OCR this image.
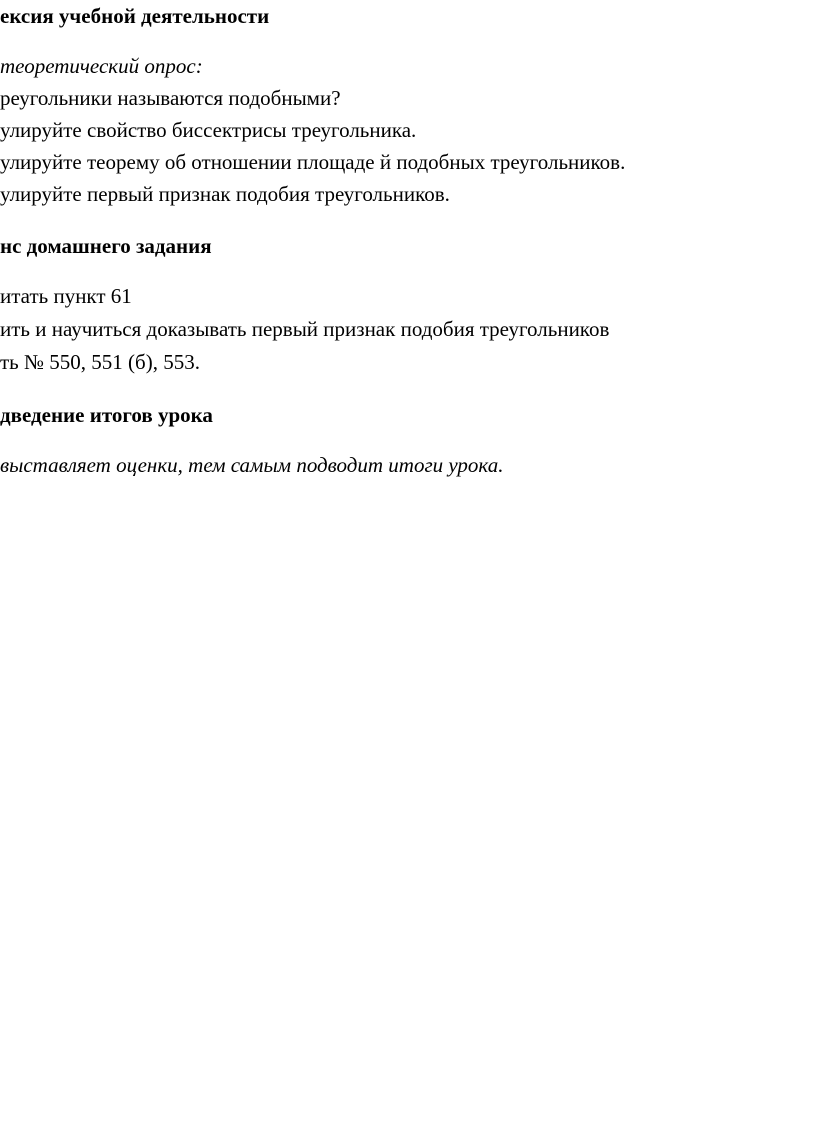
ексия учебной деятельности
теоретический опрос:
реугольники называются подобными?
улируйте свойство биссектрисы треугольника.
улируйте теорему об отношении площаде й подобных треугольников.
улируйте первый признак подобия треугольников.
нс домашнего задания
итать пункт 61
ить и научиться доказывать первый признак подобия треугольников
ть № 550, 551 (б), 553.
дведение итогов урока
выставляет оценки, тем самым подводит итоги урока.
